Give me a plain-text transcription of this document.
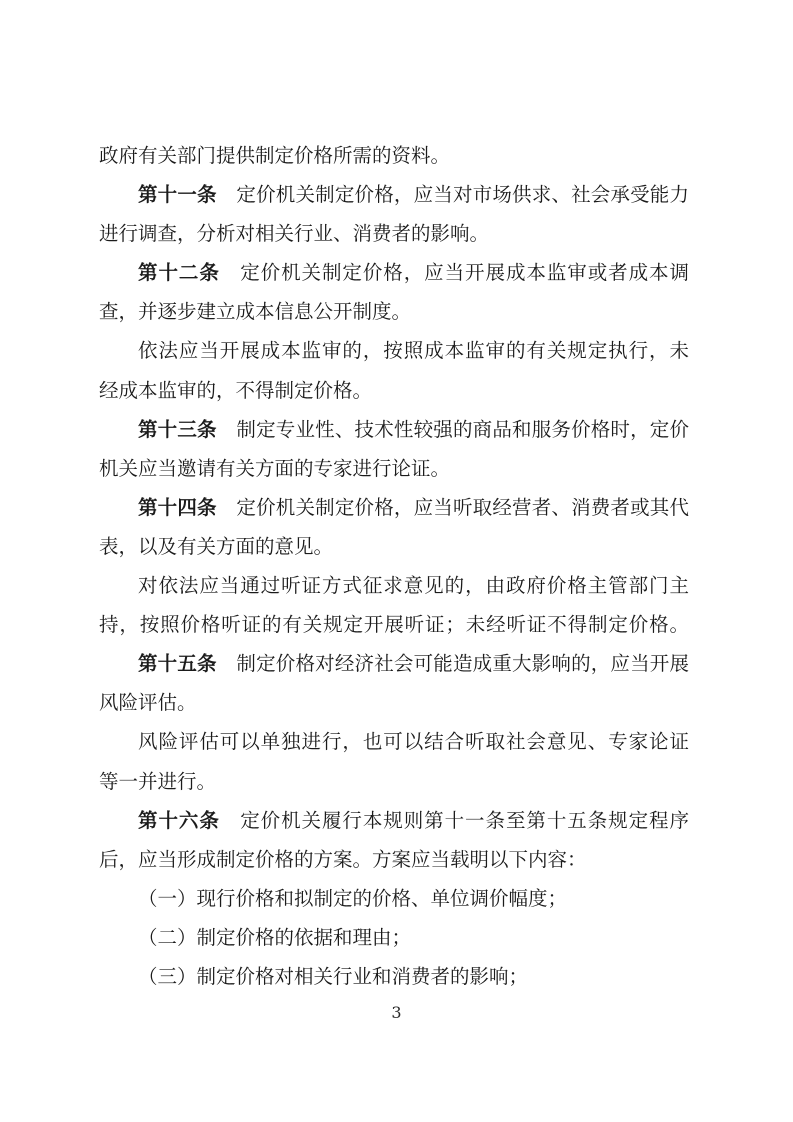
政府有关部门提供制定价格所需的资料。
第十一条　定价机关制定价格，应当对市场供求、社会承受能力
进行调查，分析对相关行业、消费者的影响。
第十二条　定价机关制定价格，应当开展成本监审或者成本调
查，并逐步建立成本信息公开制度。
依法应当开展成本监审的，按照成本监审的有关规定执行，未
经成本监审的，不得制定价格。
第十三条　制定专业性、技术性较强的商品和服务价格时，定价
机关应当邀请有关方面的专家进行论证。
第十四条　定价机关制定价格，应当听取经营者、消费者或其代
表，以及有关方面的意见。
对依法应当通过听证方式征求意见的，由政府价格主管部门主
持，按照价格听证的有关规定开展听证；未经听证不得制定价格。
第十五条　制定价格对经济社会可能造成重大影响的，应当开展
风险评估。
风险评估可以单独进行，也可以结合听取社会意见、专家论证
等一并进行。
第十六条　定价机关履行本规则第十一条至第十五条规定程序
后，应当形成制定价格的方案。方案应当载明以下内容：
（一）现行价格和拟制定的价格、单位调价幅度；
（二）制定价格的依据和理由；
（三）制定价格对相关行业和消费者的影响；
3
